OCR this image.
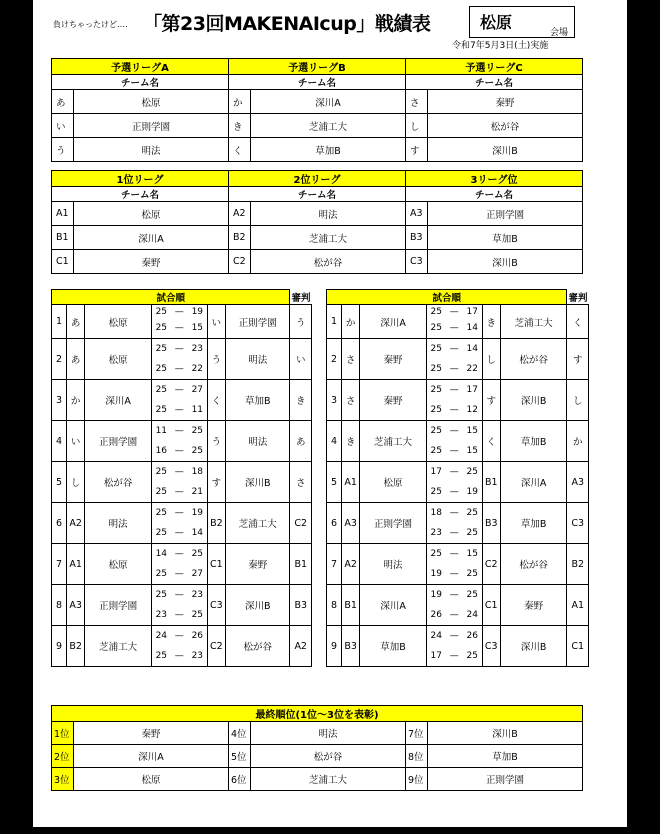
負けちゃったけど‥‥ 「第23回MAKENAIcup」戦績表	松原
会場
令和7年5月3日(土)実施
予選リーグA		予選リーグB		予選リーグC	
チーム名		チーム名		チーム名	
あ	松原	か	深川A	さ	秦野
い	正則学園	き	芝浦工大	し	松が谷
う	明法	く	草加B	す	深川B
1位リーグ		2位リーグ		3リーグ位	
チーム名		チーム名		チーム名	
A1	松原	A2	明法	A3	正則学園
B1	深川A	B2	芝浦工大	B3	草加B
C1	秦野	C2	松が谷	C3	深川B
試合順								審判
1	あ	松原	25	—	19	い	正則学園	う
			25	—	15			
2	あ	松原	25	—	23	う	明法	い
			25	—	22			
3	か	深川A	25	—	27	く	草加B	き
			25	—	11			
4	い	正則学園	11	—	25	う	明法	あ
			16	—	25			
5	し	松が谷	25	—	18	す	深川B	さ
			25	—	21			
6	A2	明法	25	—	19	B2	芝浦工大	C2
			25	—	14			
7	A1	松原	14	—	25	C1	秦野	B1
			25	—	27			
8	A3	正則学園	25	—	23	C3	深川B	B3
			23	—	25			
9	B2	芝浦工大	24	—	26	C2	松が谷	A2
			25	—	23			
試合順								審判
1	か	深川A	25	—	17	き	芝浦工大	く
			25	—	14			
2	さ	秦野	25	—	14	し	松が谷	す
			25	—	22			
3	さ	秦野	25	—	17	す	深川B	し
			25	—	12			
4	き	芝浦工大	25	—	15	く	草加B	か
			25	—	15			
5	A1	松原	17	—	25	B1	深川A	A3
			25	—	19			
6	A3	正則学園	18	—	25	B3	草加B	C3
			23	—	25			
7	A2	明法	25	—	15	C2	松が谷	B2
			19	—	25			
8	B1	深川A	19	—	25	C1	秦野	A1
			26	—	24			
9	B3	草加B	24	—	26	C3	深川B	C1
			17	—	25			
最終順位(1位～3位を表彰)					
1位	秦野	4位	明法	7位	深川B
2位	深川A	5位	松が谷	8位	草加B
3位	松原	6位	芝浦工大	9位	正則学園
